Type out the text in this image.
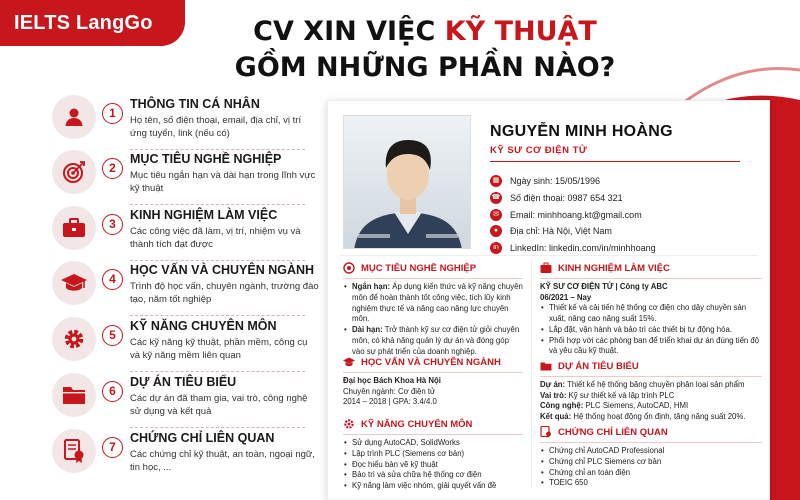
IELTS LangGo	CV XIN VIỆC KỸ THUẬT
GỒM NHỮNG PHẦN NÀO?
1
THÔNG TIN CÁ NHÂN
Họ tên, số điện thoại, email, địa chỉ, vị trí ứng tuyển, link (nếu có)
2
MỤC TIÊU NGHỀ NGHIỆP
Mục tiêu ngắn hạn và dài hạn trong lĩnh vực kỹ thuật
3
KINH NGHIỆM LÀM VIỆC
Các công việc đã làm, vị trí, nhiệm vụ và thành tích đạt được
4
HỌC VẤN VÀ CHUYÊN NGÀNH
Trình độ học vấn, chuyên ngành, trường đào tạo, năm tốt nghiệp
5
KỸ NĂNG CHUYÊN MÔN
Các kỹ năng kỹ thuật, phần mềm, công cụ và kỹ năng mềm liên quan
6
DỰ ÁN TIÊU BIỂU
Các dự án đã tham gia, vai trò, công nghệ sử dụng và kết quả
7
CHỨNG CHỈ LIÊN QUAN
Các chứng chỉ kỹ thuật, an toàn, ngoại ngữ, tin học, ...
NGUYỄN MINH HOÀNG
KỸ SƯ CƠ ĐIỆN TỬ
▦ Ngày sinh: 15/05/1996
☎ Số điện thoại: 0987 654 321
✉	Email: minhhoang.kt@gmail.com
●	Địa chỉ: Hà Nội, Việt Nam
in	LinkedIn: linkedin.com/in/minhhoang
MỤC TIÊU NGHỀ NGHIỆP
• Ngắn hạn: Áp dụng kiến thức và kỹ năng chuyên môn để hoàn thành tốt công việc, tích lũy kinh nghiệm thực tế và nâng cao năng lực chuyên môn.
• Dài hạn: Trở thành kỹ sư cơ điện tử giỏi chuyên môn, có khả năng quản lý dự án và đóng góp vào sự phát triển của doanh nghiệp.
HỌC VẤN VÀ CHUYÊN NGÀNH
Đại học Bách Khoa Hà Nội
Chuyên ngành: Cơ điện tử
2014 – 2018 | GPA: 3.4/4.0
KỸ NĂNG CHUYÊN MÔN
• Sử dụng AutoCAD, SolidWorks
• Lập trình PLC (Siemens cơ bản)
• Đọc hiểu bản vẽ kỹ thuật
• Bảo trì và sửa chữa hệ thống cơ điện
• Kỹ năng làm việc nhóm, giải quyết vấn đề
KINH NGHIỆM LÀM VIỆC
KỸ SƯ CƠ ĐIỆN TỬ | Công ty ABC
06/2021 – Nay
• Thiết kế và cải tiến hệ thống cơ điện cho dây chuyền sản xuất, nâng cao năng suất 15%.
• Lắp đặt, vận hành và bảo trì các thiết bị tự động hóa.
• Phối hợp với các phòng ban để triển khai dự án đúng tiến độ và yêu cầu kỹ thuật.
DỰ ÁN TIÊU BIỂU
Dự án: Thiết kế hệ thống băng chuyền phân loại sản phẩm
Vai trò: Kỹ sư thiết kế và lập trình PLC
Công nghệ: PLC Siemens, AutoCAD, HMI
Kết quả: Hệ thống hoạt động ổn định, tăng năng suất 20%.
CHỨNG CHỈ LIÊN QUAN
• Chứng chỉ AutoCAD Professional
• Chứng chỉ PLC Siemens cơ bản
• Chứng chỉ an toàn điện
• TOEIC 650
